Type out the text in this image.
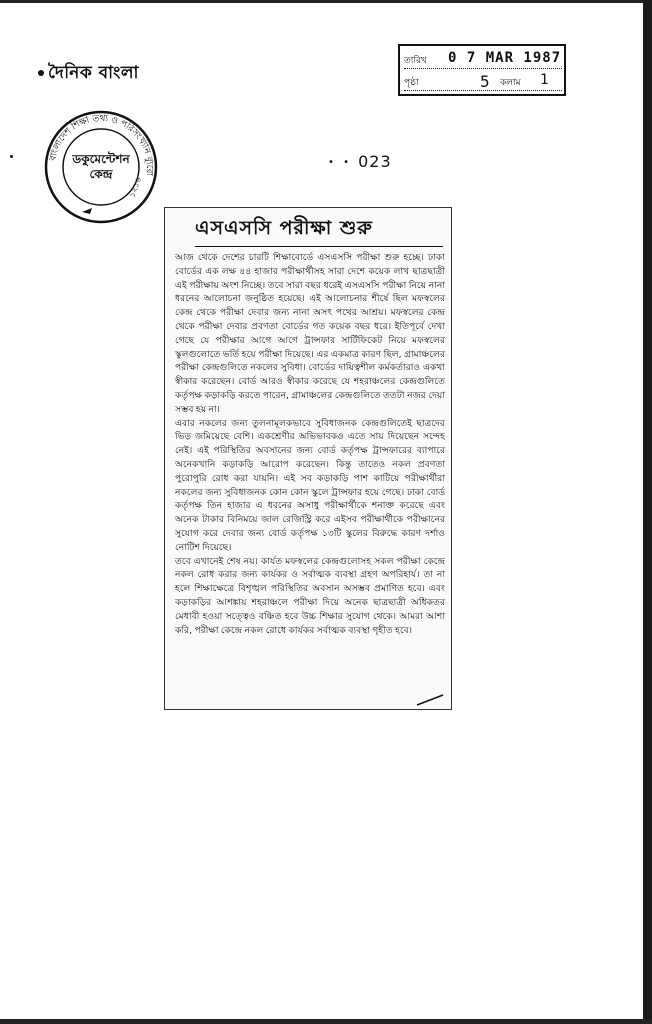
দৈনিক বাংলা
তারিখ 0 7 MAR 1987
পৃষ্ঠা	5 কলাম 1
বাংলাদেশ শিক্ষা তথ্য ও পরিসংখ্যান ব্যুরো
১২১৬
ডকুমেন্টেশন
কেন্দ্র
• • 023
এসএসসি পরীক্ষা শুরু

আজ থেকে দেশের চারটি শিক্ষাবোর্ডে এসএসসি পরীক্ষা শুরু হচ্ছে। ঢাকা বোর্ডের এক লক্ষ ৪৪ হাজার পরীক্ষার্থীসহ সারা দেশে কয়েক লাখ ছাত্রছাত্রী এই পরীক্ষায় অংশ নিচ্ছে। তবে সারা বছর ধরেই এসএসসি পরীক্ষা নিয়ে নানা ধরনের আলোচনা জনুষ্ঠিত হয়েছে। এই আলোচনার শীর্ষে ছিল মফস্বলের কেন্দ্র থেকে পরীক্ষা দেবার জন্য নানা অসৎ পথের আশ্রয়। মফস্বলের কেন্দ্র থেকে পরীক্ষা দেবার প্রবণতা বোর্ডের গত কয়েক বছর ধরে। ইতিপূর্বে দেখা গেছে যে পরীক্ষার আগে আগে ট্রান্সফার সার্টিফিকেট নিয়ে মফস্বলের স্কুলগুলোতে ভর্তি হয়ে পরীক্ষা দিয়েছে। এর একমাত্র কারণ ছিল, গ্রামাঞ্চলের পরীক্ষা কেন্দ্রগুলিতে নকলের সুবিধা। বোর্ডের দায়িত্বশীল কর্মকর্তারাও একথা স্বীকার করেছেন। বোর্ড আরও স্বীকার করেছে যে শহরাঞ্চলের কেন্দ্রগুলিতে কর্তৃপক্ষ কড়াকড়ি করতে পারেন, গ্রামাঞ্চলের কেন্দ্রগুলিতে ততটা নজর দেয়া সম্ভব হয় না।

এবার নকলের জন্য তুলনামূলকভাবে সুবিধাজনক কেন্দ্রগুলিতেই ছাত্রদের ভিড় জমিয়েছে বেশি। একশ্রেণীর অভিভাবকও এতে সায় দিয়েছেন সন্দেহ নেই। এই পরিস্থিতির অবসানের জন্য বোর্ড কর্তৃপক্ষ ট্রান্সফারের ব্যাপারে অনেকখানি কড়াকড়ি আরোপ করেছেন। কিন্তু তাতেও নকল প্রবণতা পুরোপুরি রোধ করা যায়নি। এই সব কড়াকড়ি পাশ কাটিয়ে পরীক্ষার্থীরা নকলের জন্য সুবিধাজনক কোন কোন স্কুলে ট্রান্সফার হয়ে গেছে। ঢাকা বোর্ড কর্তৃপক্ষ তিন হাজার এ ধরনের অসাধু পরীক্ষার্থীকে শনাক্ত করেছে এবং অনেক টাকার বিনিময়ে জাল রেজিস্ট্রি করে এইসব পরীক্ষার্থীকে পরীক্ষানের সুযোগ করে দেবার জন্য বোর্ড কর্তৃপক্ষ ১৩টি স্কুলের বিরুদ্ধে কারণ দর্শাও নোটিশ দিয়েছে।

তবে এখানেই শেষ নয়। কার্যত মফস্বলের কেন্দ্রগুলোসহ সকল পরীক্ষা কেন্দ্রে নকল রোধ করার জন্য কার্যকর ও সর্বাত্মক ব্যবস্থা গ্রহণ অপরিহার্য। তা না হলে শিক্ষাক্ষেত্রে বিশৃঙ্খল পরিস্থিতির অবসান অসম্ভব প্রমাণিত হবে। এবং কড়াকড়ির আশঙ্কায় শহরাঞ্চলে পরীক্ষা দিয়ে অনেক ছাত্রছাত্রী অধিকতর মেধাবী হওয়া সত্ত্বেও বঞ্চিত হবে উচ্চ শিক্ষার সুযোগ থেকে। আমরা আশা করি, পরীক্ষা কেন্দ্রে নকল রোধে কার্যকর সর্বাত্মক ব্যবস্থা গৃহীত হবে।
